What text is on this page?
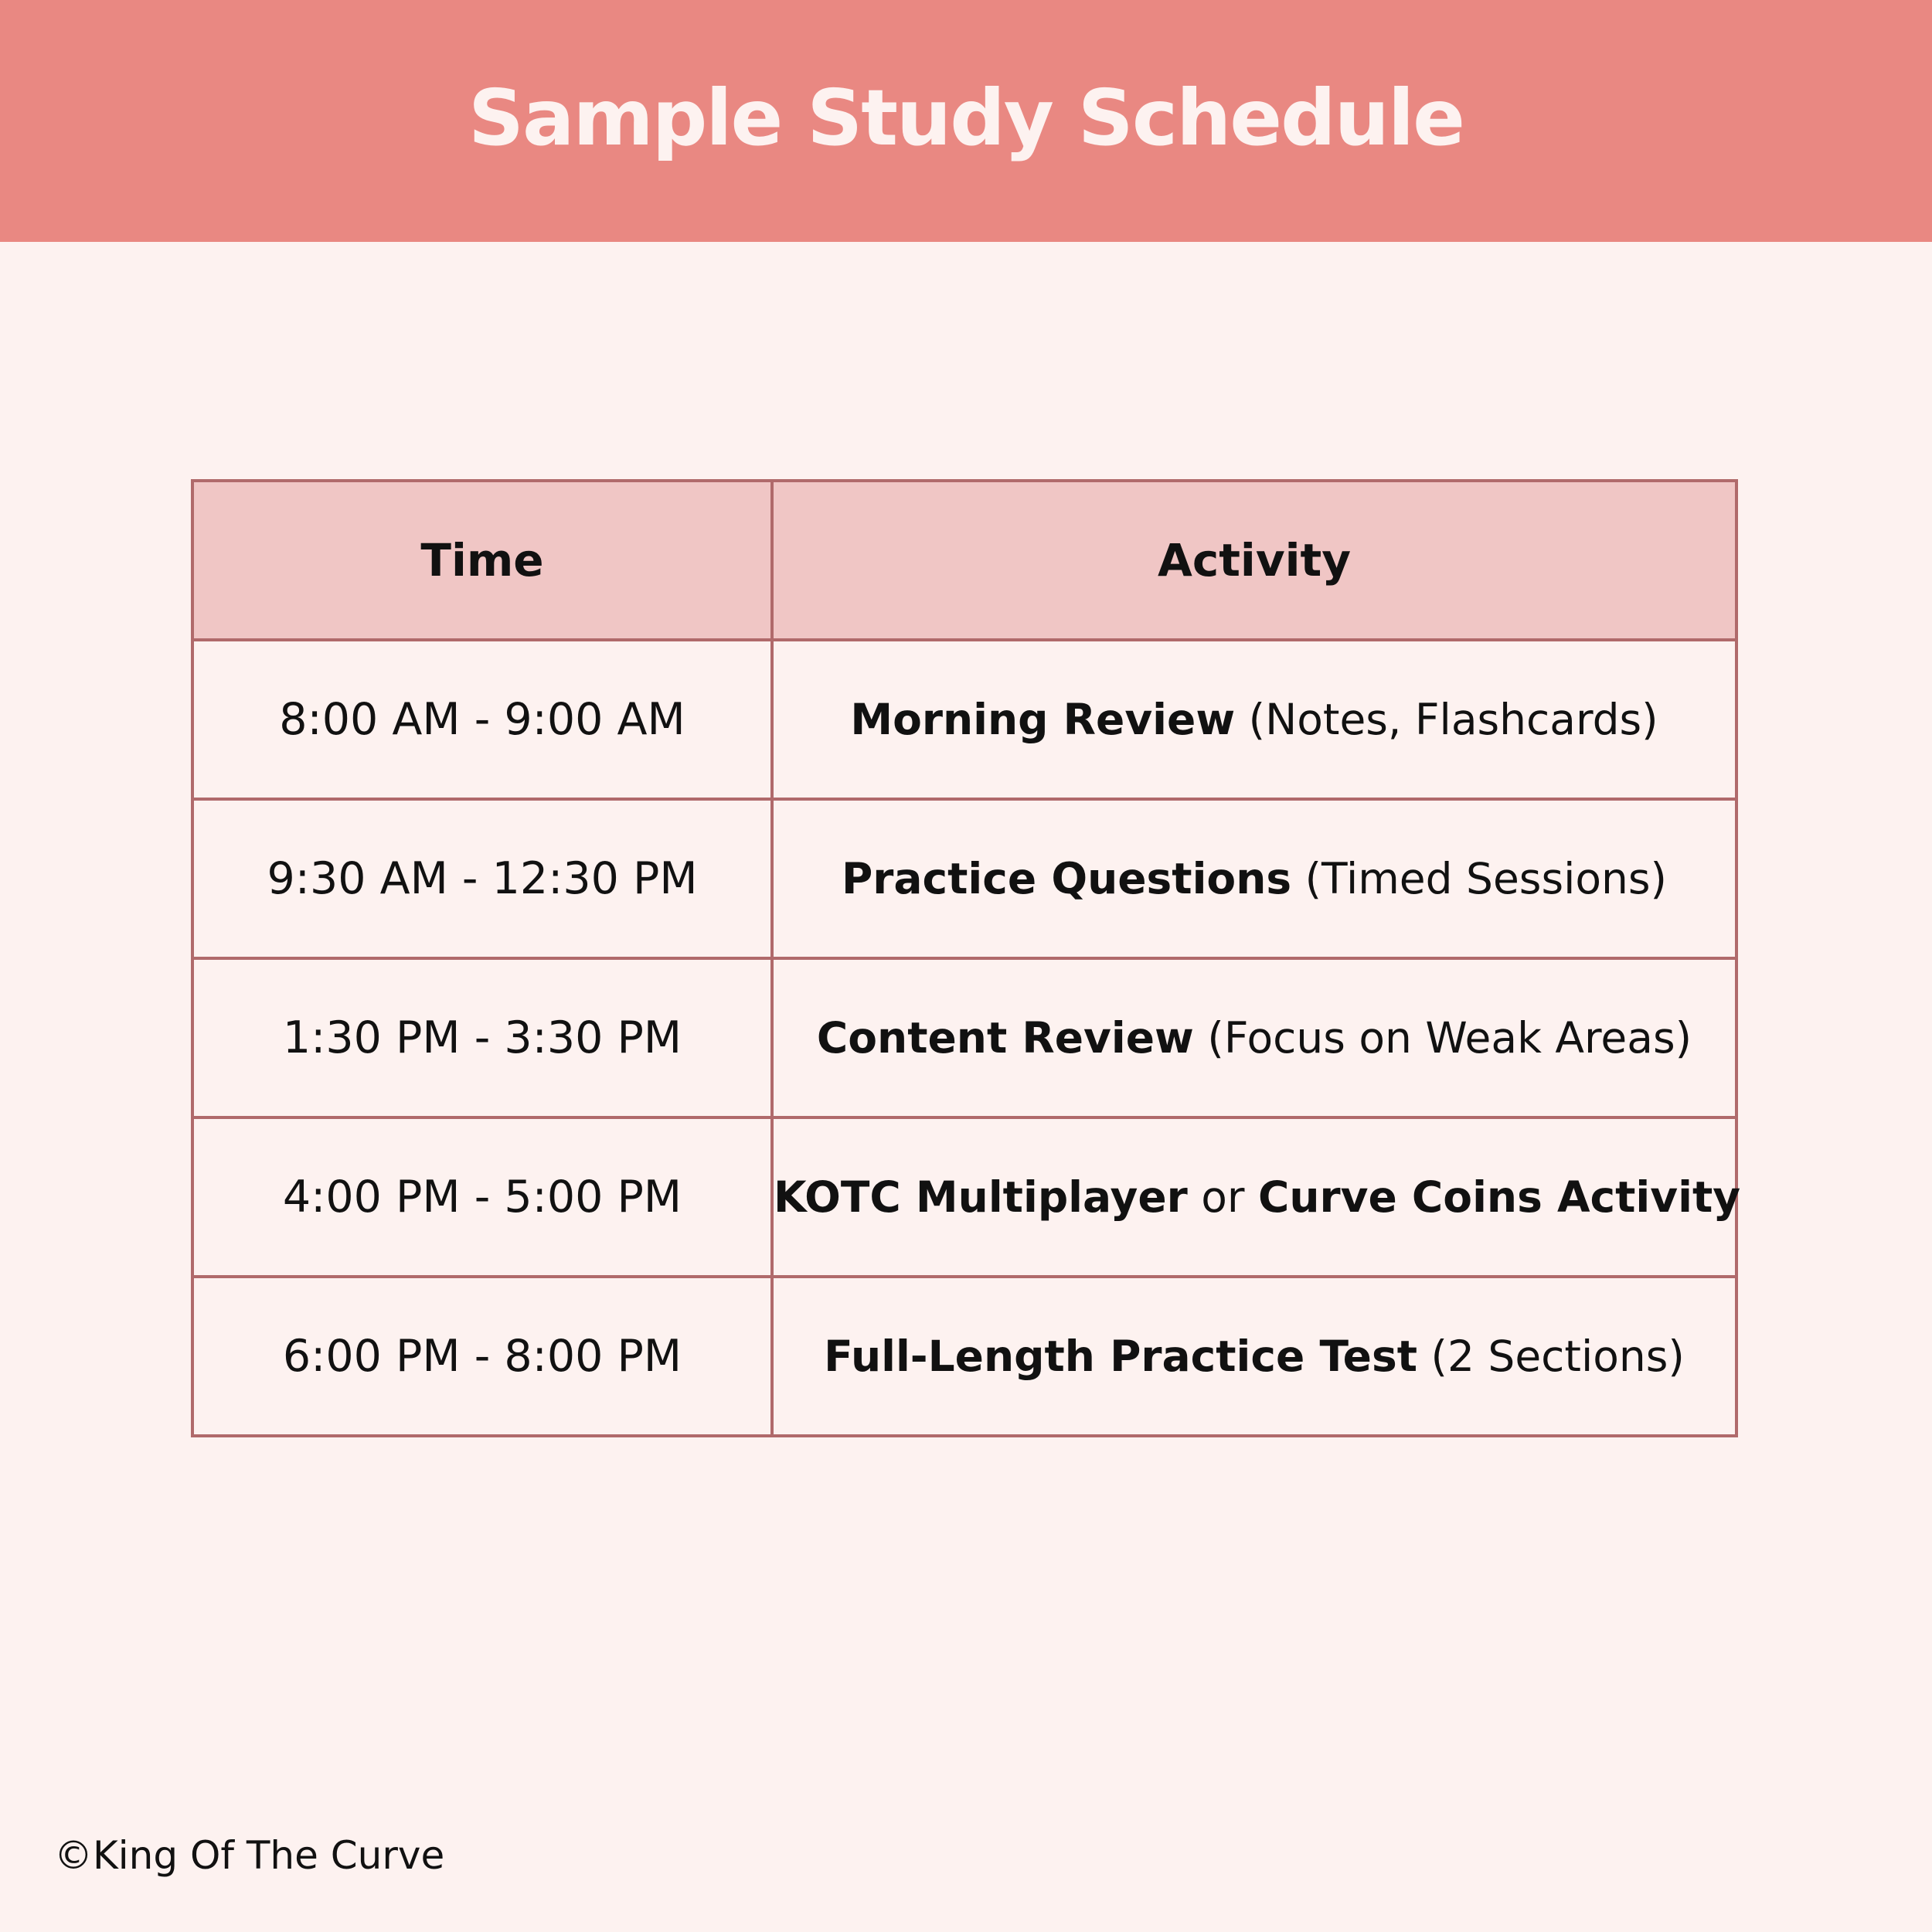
Sample Study Schedule
Time	Activity
8:00 AM - 9:00 AM	Morning Review (Notes, Flashcards)
9:30 AM - 12:30 PM	Practice Questions (Timed Sessions)
1:30 PM - 3:30 PM	Content Review (Focus on Weak Areas)
4:00 PM - 5:00 PM	KOTC Multiplayer or Curve Coins Activity
6:00 PM - 8:00 PM	Full-Length Practice Test (2 Sections)
©King Of The Curve
